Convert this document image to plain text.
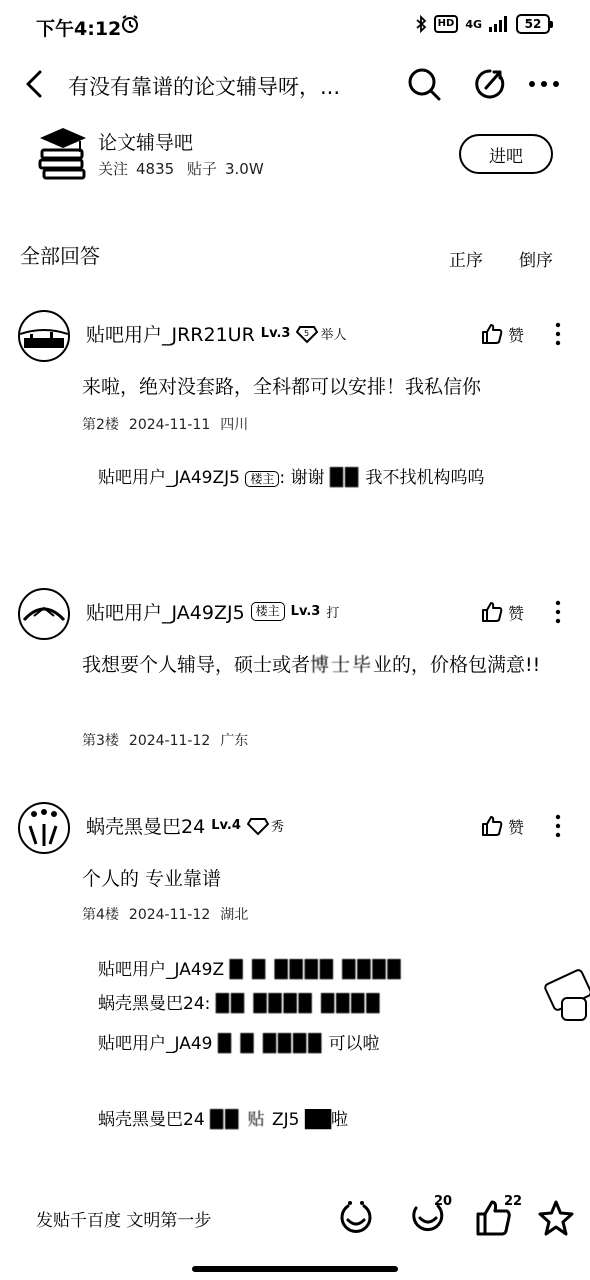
下午4:12	HD	4G	52
有没有靠谱的论文辅导呀，...
论文辅导吧
关注 4835 贴子 3.0W
进吧
全部回答	正序 倒序
贴吧用户_JRR21UR Lv.3 5 举人	赞
来啦，绝对没套路，全科都可以安排！我私信你
第2楼 2024-11-11 四川
贴吧用户_JA49ZJ5 楼主 : 谢谢 ██ 我不找机构呜呜
贴吧用户_JA49ZJ5 楼主 Lv.3 打	赞
我想要个人辅导，硕士或者博士毕业的，价格包满意!!
第3楼 2024-11-12 广东
蜗壳黑曼巴24 Lv.4 秀	赞
个人的 专业靠谱
第4楼 2024-11-12 湖北
贴吧用户_JA49Z █ █ ████ ████
蜗壳黑曼巴24: ██ ████ ████
贴吧用户_JA49 █ █ ████ 可以啦
蜗壳黑曼巴24 ██ 贴 ZJ5 ██啦
发贴千百度 文明第一步
20	22
